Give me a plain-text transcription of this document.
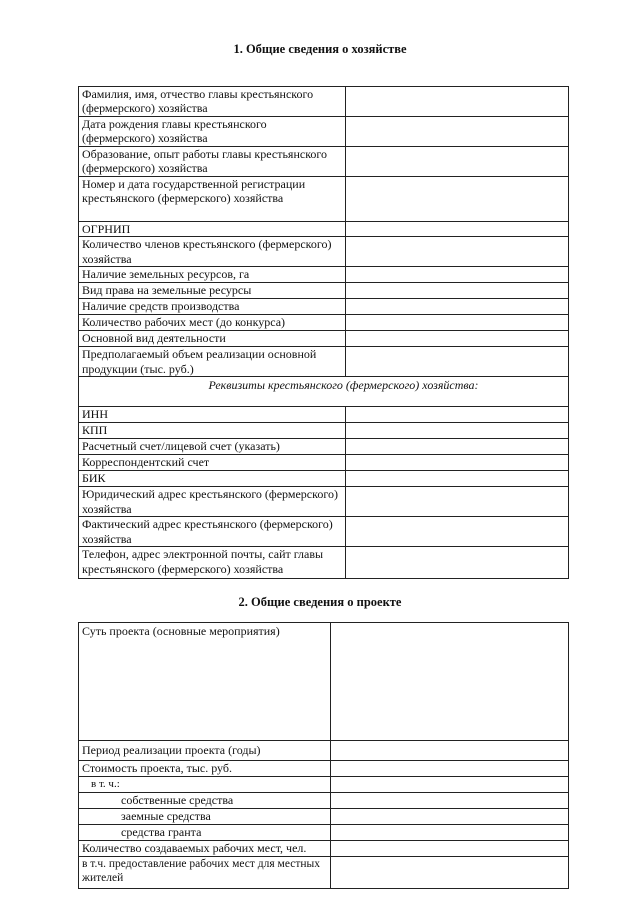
1. Общие сведения о хозяйстве
Фамилия, имя, отчество главы крестьянского (фермерского) хозяйства	
Дата рождения главы крестьянского (фермерского) хозяйства	
Образование, опыт работы главы крестьянского (фермерского) хозяйства	
Номер и дата государственной регистрации крестьянского (фермерского) хозяйства	
ОГРНИП	
Количество членов крестьянского (фермерского) хозяйства	
Наличие земельных ресурсов, га	
Вид права на земельные ресурсы	
Наличие средств производства	
Количество рабочих мест (до конкурса)	
Основной вид деятельности	
Предполагаемый объем реализации основной продукции (тыс. руб.)	
Реквизиты крестьянского (фермерского) хозяйства:	
ИНН	
КПП	
Расчетный счет/лицевой счет (указать)	
Корреспондентский счет	
БИК	
Юридический адрес крестьянского (фермерского) хозяйства	
Фактический адрес крестьянского (фермерского) хозяйства	
Телефон, адрес электронной почты, сайт главы крестьянского (фермерского) хозяйства	
2. Общие сведения о проекте
Суть проекта (основные мероприятия)	
Период реализации проекта (годы)	
Стоимость проекта, тыс. руб.	
в т. ч.:	
собственные средства	
заемные средства	
средства гранта	
Количество создаваемых рабочих мест, чел.	
в т.ч. предоставление рабочих мест для местных жителей	
